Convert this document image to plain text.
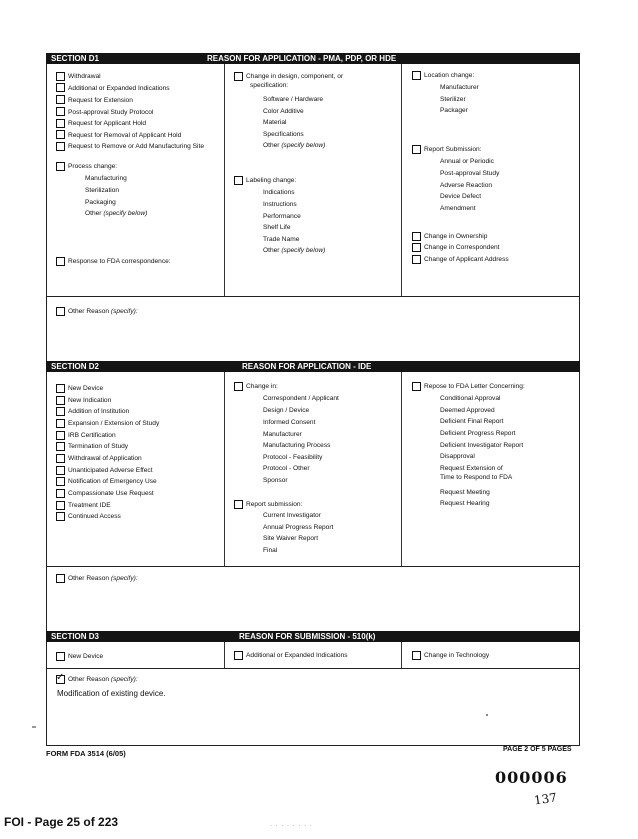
SECTION D1	REASON FOR APPLICATION - PMA, PDP, OR HDE
Withdrawal
Additional or Expanded Indications
Request for Extension
Post-approval Study Protocol
Request for Applicant Hold
Request for Removal of Applicant Hold
Request to Remove or Add Manufacturing Site
Process change:
Manufacturing
Sterilization
Packaging
Other (specify below)
Response to FDA correspondence:
Change in design, component, or
specification:
Software / Hardware
Color Additive
Material
Specifications
Other (specify below)
Labeling change:
Indications
Instructions
Performance
Shelf Life
Trade Name
Other (specify below)
Location change:
Manufacturer
Sterilizer
Packager
Report Submission:
Annual or Periodic
Post-approval Study
Adverse Reaction
Device Defect
Amendment
Change in Ownership
Change in Correspondent
Change of Applicant Address
Other Reason (specify):
SECTION D2	REASON FOR APPLICATION - IDE
New Device
New Indication
Addition of Institution
Expansion / Extension of Study
IRB Certification
Termination of Study
Withdrawal of Application
Unanticipated Adverse Effect
Notification of Emergency Use
Compassionate Use Request
Treatment IDE
Continued Access
Change in:
Correspondent / Applicant
Design / Device
Informed Consent
Manufacturer
Manufacturing Process
Protocol - Feasibility
Protocol - Other
Sponsor
Report submission:
Current Investigator
Annual Progress Report
Site Waiver Report
Final
Repose to FDA Letter Concerning:
Conditional Approval
Deemed Approved
Deficient Final Report
Deficient Progress Report
Deficient Investigator Report
Disapproval
Request Extension of
Time to Respond to FDA
Request Meeting
Request Hearing
Other Reason (specify):
SECTION D3	REASON FOR SUBMISSION - 510(k)
New Device	Additional or Expanded Indications	Change in Technology
✓ Other Reason (specify):
Modification of existing device.
FORM FDA 3514 (6/05)	PAGE 2 OF 5 PAGES
000006
137
FOI - Page 25 of 223	· · · · · · · ·
